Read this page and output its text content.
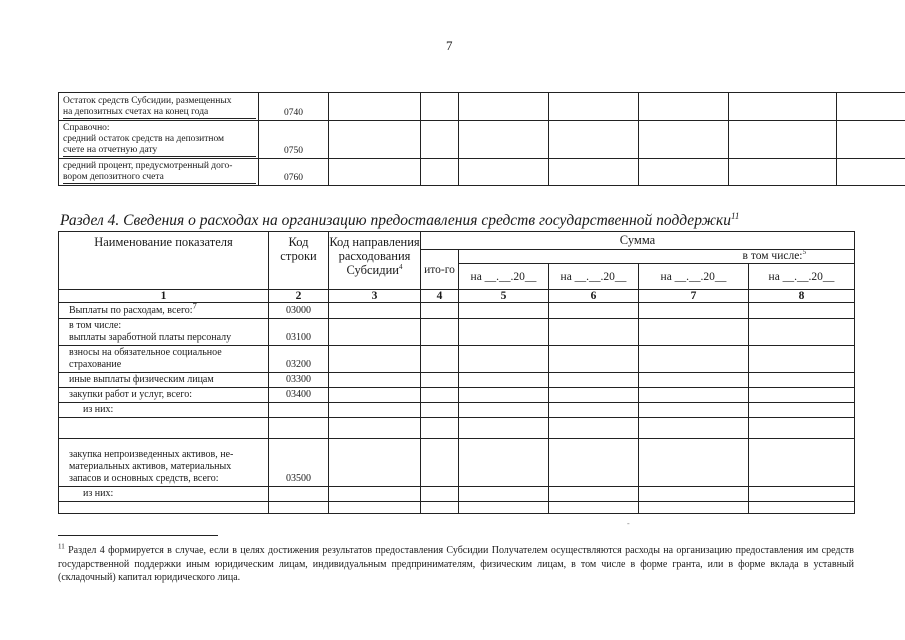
7
Остаток средств Субсидии, размещенных
на депозитных счетах на конец года	0740							

Справочно:
средний остаток средств на депозитном
счете на отчетную дату	0750							

средний процент, предусмотренный дого-
вором депозитного счета	0760							
Раздел 4. Сведения о расходах на организацию предоставления средств государственной поддержки$^{11}$
Наименование показателя	Код строки	Код направления расходования Субсидии$^4$	Сумма				
			ито-го	в том числе:$^5$
				на __.__.20__	на __.__.20__	на __.__.20__	на __.__.20__
1	2	3	4	5	6	7	8

Выплаты по расходам, всего:$^7$	03000						

в том числе:
выплаты заработной платы персоналу	03100						

взносы на обязательное социальное
страхование	03200						

иные выплаты физическим лицам	03300						

закупки работ и услуг, всего:	03400						

из них:							

закупка непроизведенных активов, не-
материальных активов, материальных
запасов и основных средств, всего:	03500						

из них:							

$^{11}$ Раздел 4 формируется в случае, если в целях достижения результатов предоставления Субсидии Получателем осуществляются расходы на организацию предоставления им средств государственной поддержки иным юридическим лицам, индивидуальным предпринимателям, физическим лицам, в том числе в форме гранта, или в форме вклада в уставный (складочный) капитал юридического лица.
-
